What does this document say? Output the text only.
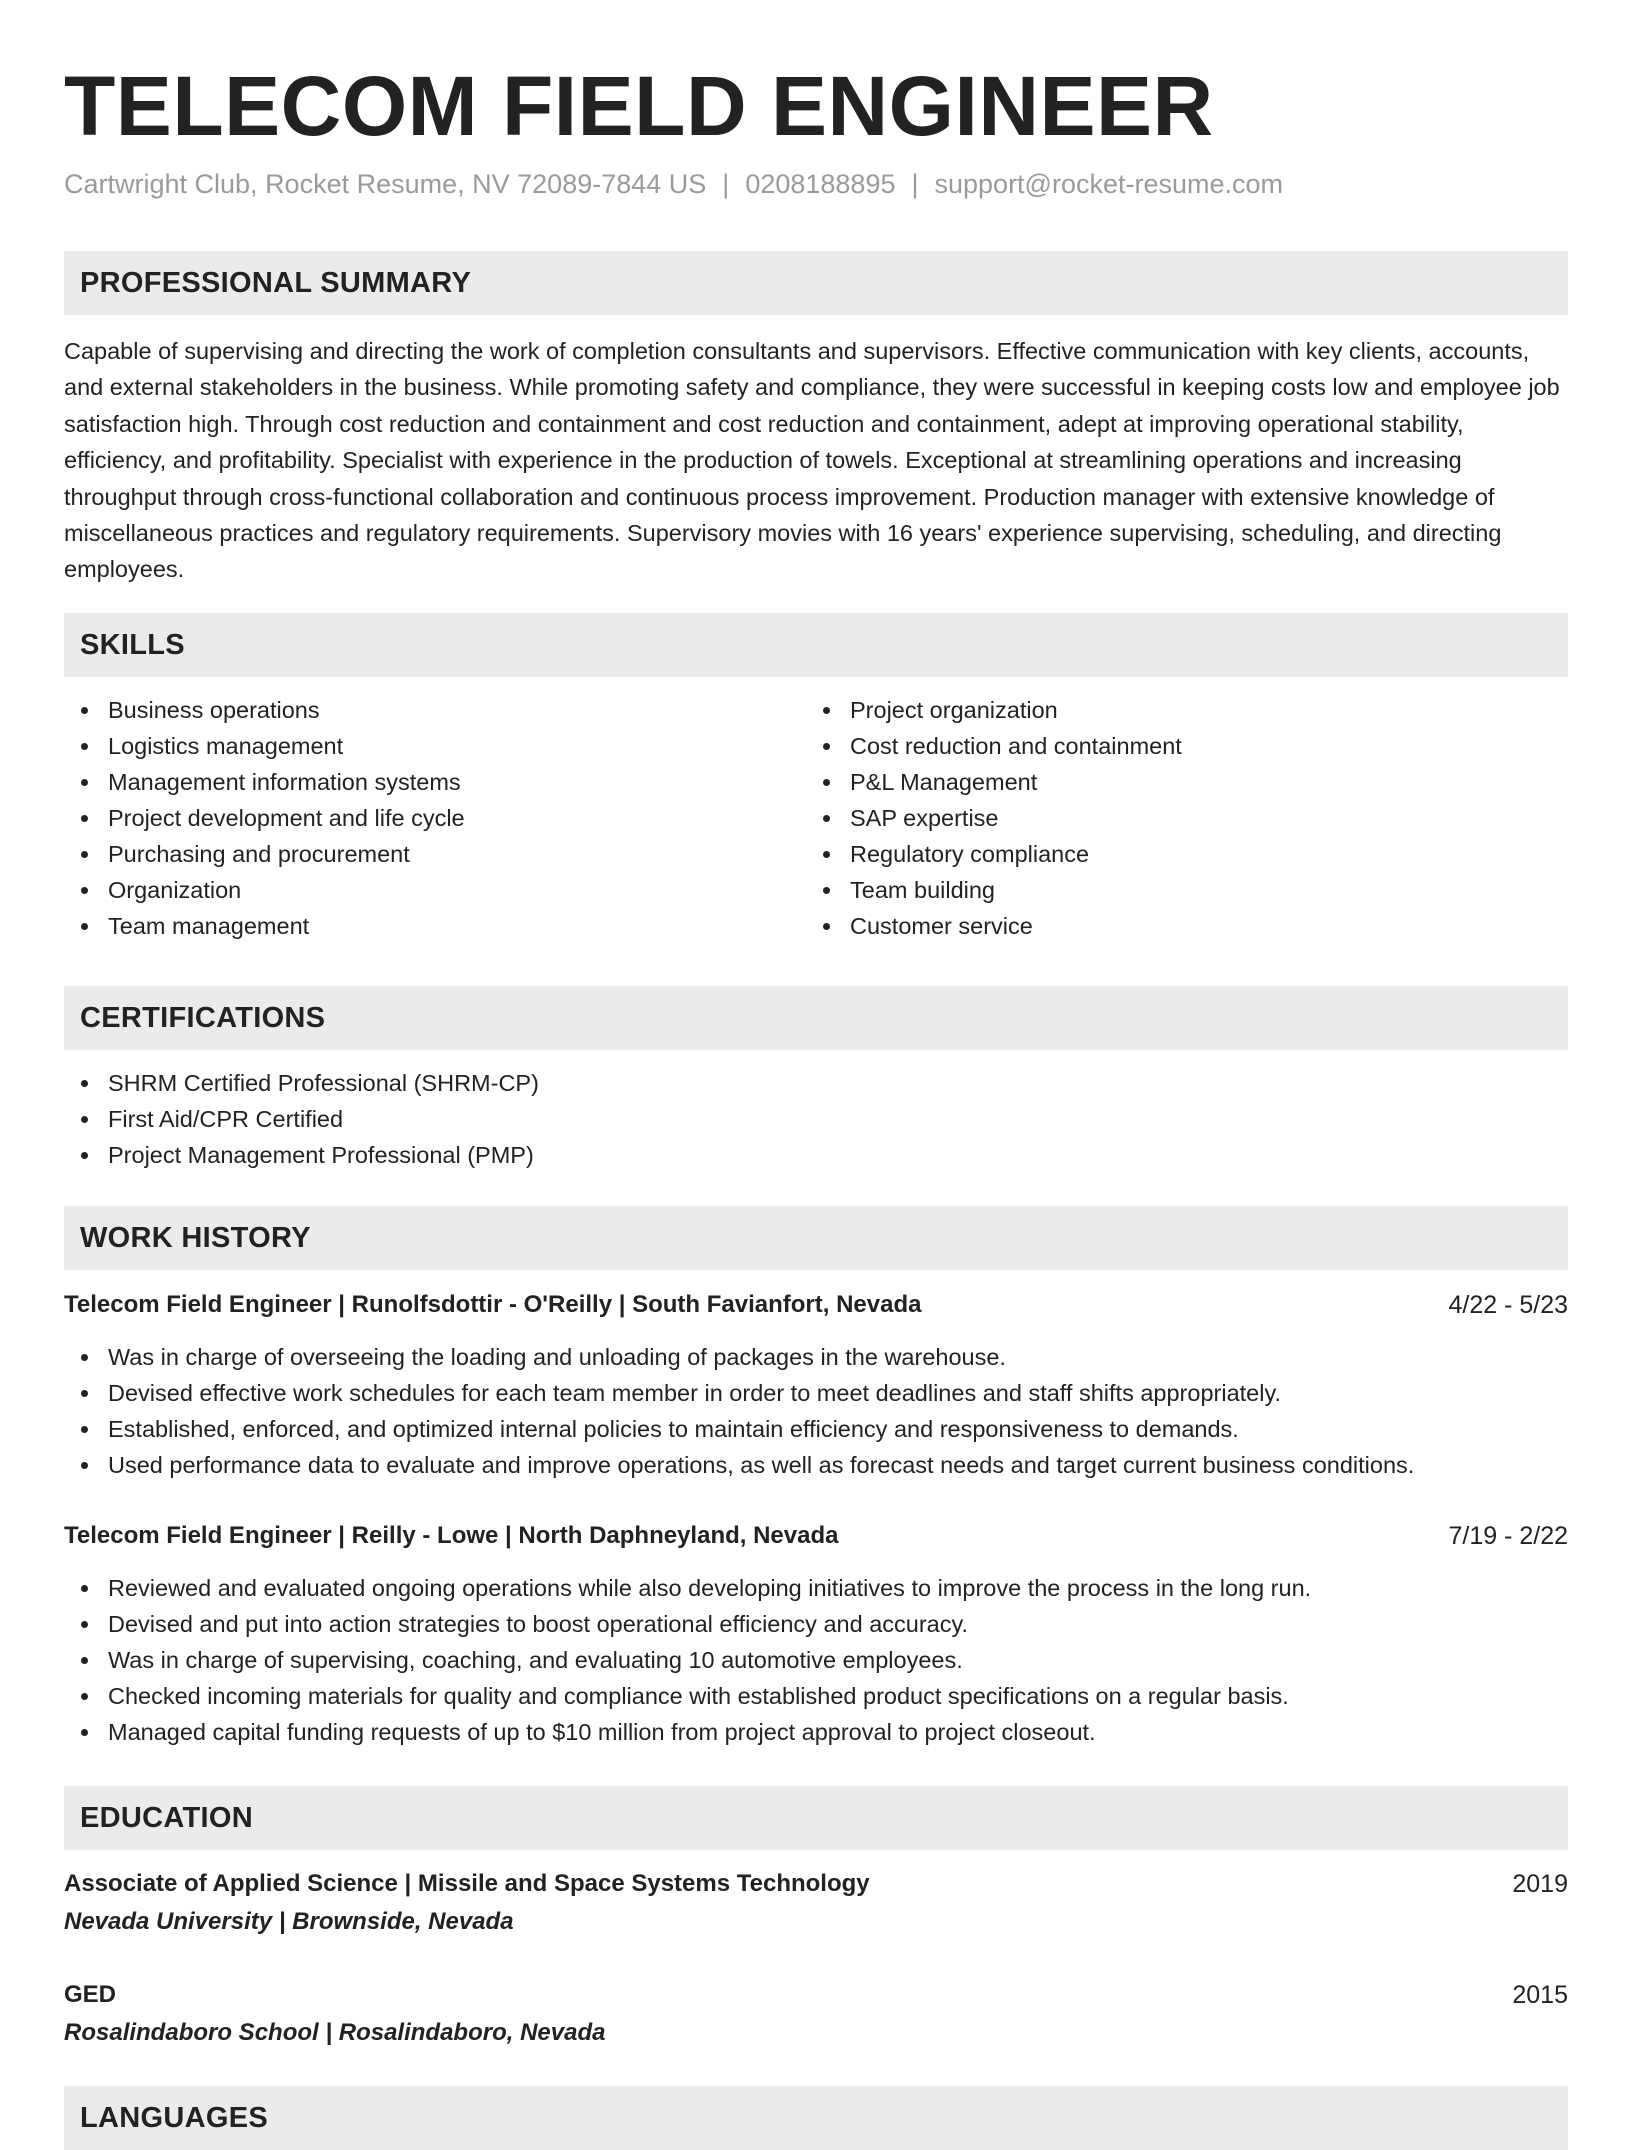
TELECOM FIELD ENGINEER
Cartwright Club, Rocket Resume, NV 72089-7844 US | 0208188895 | support@rocket-resume.com
PROFESSIONAL SUMMARY

Capable of supervising and directing the work of completion consultants and supervisors. Effective communication with key clients, accounts, and external stakeholders in the business. While promoting safety and compliance, they were successful in keeping costs low and employee job satisfaction high. Through cost reduction and containment and cost reduction and containment, adept at improving operational stability, efficiency, and profitability. Specialist with experience in the production of towels. Exceptional at streamlining operations and increasing throughput through cross-functional collaboration and continuous process improvement. Production manager with extensive knowledge of miscellaneous practices and regulatory requirements. Supervisory movies with 16 years' experience supervising, scheduling, and directing employees.

SKILLS
Business operations
Logistics management
Management information systems
Project development and life cycle
Purchasing and procurement
Organization
Team management
Project organization
Cost reduction and containment
P&L Management
SAP expertise
Regulatory compliance
Team building
Customer service
CERTIFICATIONS
SHRM Certified Professional (SHRM-CP)
First Aid/CPR Certified
Project Management Professional (PMP)
WORK HISTORY
Telecom Field Engineer | Runolfsdottir - O'Reilly | South Favianfort, Nevada	4/22 - 5/23
Was in charge of overseeing the loading and unloading of packages in the warehouse.
Devised effective work schedules for each team member in order to meet deadlines and staff shifts appropriately.
Established, enforced, and optimized internal policies to maintain efficiency and responsiveness to demands.
Used performance data to evaluate and improve operations, as well as forecast needs and target current business conditions.
Telecom Field Engineer | Reilly - Lowe | North Daphneyland, Nevada	7/19 - 2/22
Reviewed and evaluated ongoing operations while also developing initiatives to improve the process in the long run.
Devised and put into action strategies to boost operational efficiency and accuracy.
Was in charge of supervising, coaching, and evaluating 10 automotive employees.
Checked incoming materials for quality and compliance with established product specifications on a regular basis.
Managed capital funding requests of up to $10 million from project approval to project closeout.
EDUCATION
Associate of Applied Science | Missile and Space Systems Technology	2019
Nevada University | Brownside, Nevada
GED	2015
Rosalindaboro School | Rosalindaboro, Nevada
LANGUAGES
